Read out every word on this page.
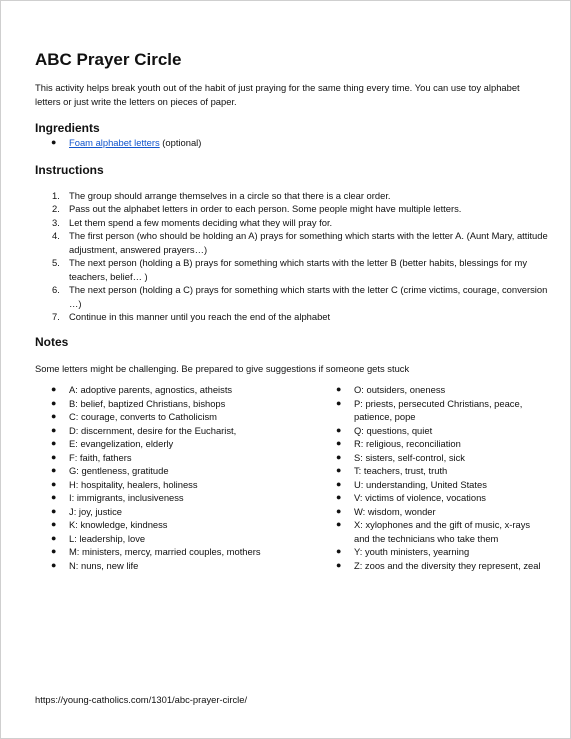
ABC Prayer Circle

This activity helps break youth out of the habit of just praying for the same thing every time. You can use toy alphabet letters or just write the letters on pieces of paper.

Ingredients
● Foam alphabet letters (optional)
Instructions
1. The group should arrange themselves in a circle so that there is a clear order.
2. Pass out the alphabet letters in order to each person. Some people might have multiple letters.
3. Let them spend a few moments deciding what they will pray for.
4. The first person (who should be holding an A) prays for something which starts with the letter A. (Aunt Mary, attitude adjustment, answered prayers…)
5. The next person (holding a B) prays for something which starts with the letter B (better habits, blessings for my teachers, belief… )
6. The next person (holding a C) prays for something which starts with the letter C (crime victims, courage, conversion …)
7. Continue in this manner until you reach the end of the alphabet
Notes

Some letters might be challenging. Be prepared to give suggestions if someone gets stuck

● A: adoptive parents, agnostics, atheists
● B: belief, baptized Christians, bishops
● C: courage, converts to Catholicism
● D: discernment, desire for the Eucharist,
● E: evangelization, elderly
● F: faith, fathers
● G: gentleness, gratitude
● H: hospitality, healers, holiness
● I: immigrants, inclusiveness
● J: joy, justice
● K: knowledge, kindness
● L: leadership, love
● M: ministers, mercy, married couples, mothers
● N: nuns, new life
● O: outsiders, oneness
● P: priests, persecuted Christians, peace, patience, pope
● Q: questions, quiet
● R: religious, reconciliation
● S: sisters, self-control, sick
● T: teachers, trust, truth
● U: understanding, United States
● V: victims of violence, vocations
● W: wisdom, wonder
● X: xylophones and the gift of music, x-rays and the technicians who take them
● Y: youth ministers, yearning
● Z: zoos and the diversity they represent, zeal
https://young-catholics.com/1301/abc-prayer-circle/
